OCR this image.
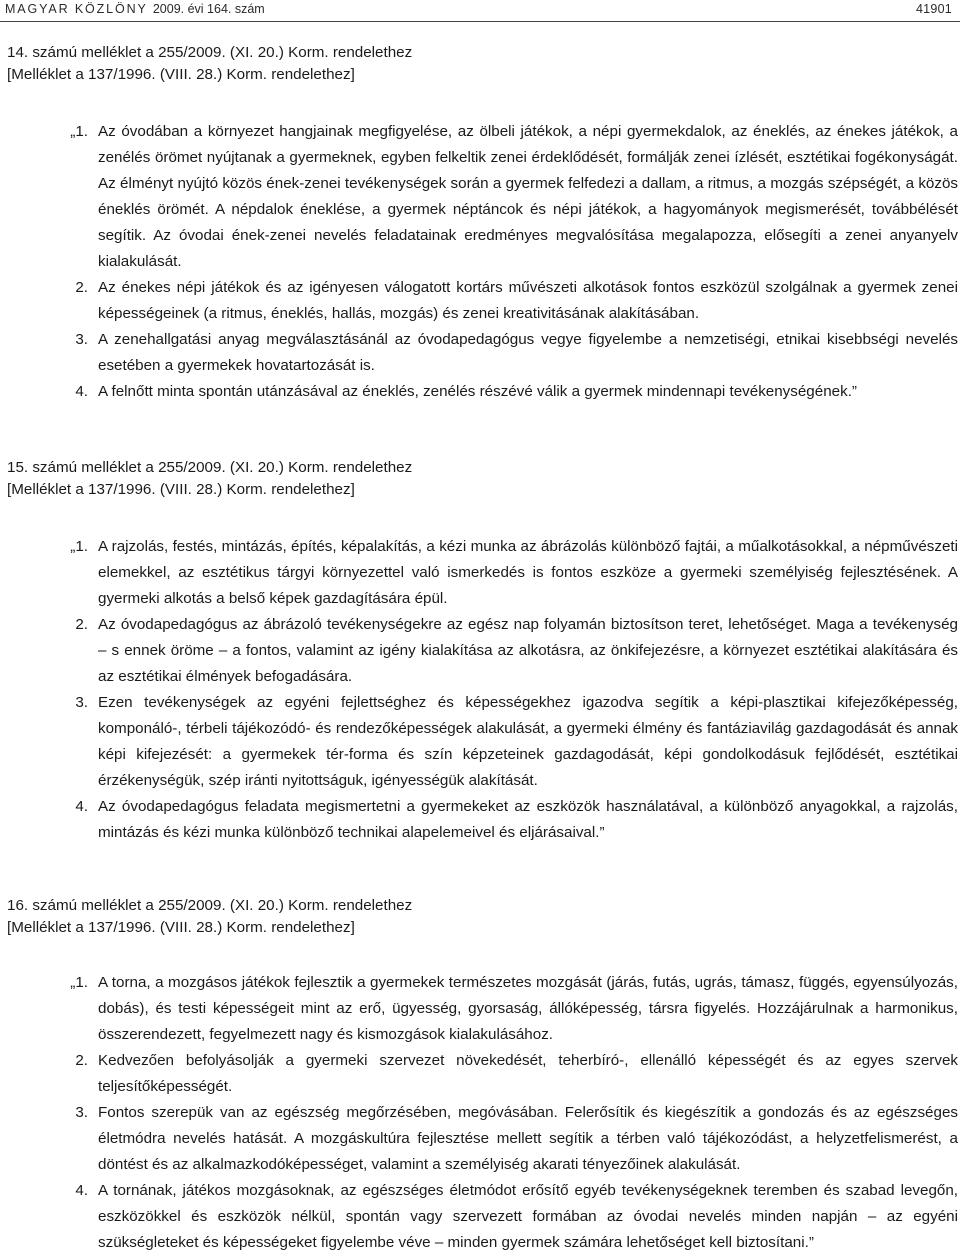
MAGYAR KÖZLÖNY 2009. évi 164. szám	41901
14. számú melléklet a 255/2009. (XI. 20.) Korm. rendelethez
[Melléklet a 137/1996. (VIII. 28.) Korm. rendelethez]
„1. Az óvodában a környezet hangjainak megfigyelése, az ölbeli játékok, a népi gyermekdalok, az éneklés, az énekes játékok, a zenélés örömet nyújtanak a gyermeknek, egyben felkeltik zenei érdeklődését, formálják zenei ízlését, esztétikai fogékonyságát. Az élményt nyújtó közös ének-zenei tevékenységek során a gyermek felfedezi a dallam, a ritmus, a mozgás szépségét, a közös éneklés örömét. A népdalok éneklése, a gyermek néptáncok és népi játékok, a hagyományok megismerését, továbbélését segítik. Az óvodai ének-zenei nevelés feladatainak eredményes megvalósítása megalapozza, elősegíti a zenei anyanyelv kialakulását.
2. Az énekes népi játékok és az igényesen válogatott kortárs művészeti alkotások fontos eszközül szolgálnak a gyermek zenei képességeinek (a ritmus, éneklés, hallás, mozgás) és zenei kreativitásának alakításában.
3. A zenehallgatási anyag megválasztásánál az óvodapedagógus vegye figyelembe a nemzetiségi, etnikai kisebbségi nevelés esetében a gyermekek hovatartozását is.
4. A felnőtt minta spontán utánzásával az éneklés, zenélés részévé válik a gyermek mindennapi tevékenységének.”
15. számú melléklet a 255/2009. (XI. 20.) Korm. rendelethez
[Melléklet a 137/1996. (VIII. 28.) Korm. rendelethez]
„1. A rajzolás, festés, mintázás, építés, képalakítás, a kézi munka az ábrázolás különböző fajtái, a műalkotásokkal, a népművészeti elemekkel, az esztétikus tárgyi környezettel való ismerkedés is fontos eszköze a gyermeki személyiség fejlesztésének. A gyermeki alkotás a belső képek gazdagítására épül.
2. Az óvodapedagógus az ábrázoló tevékenységekre az egész nap folyamán biztosítson teret, lehetőséget. Maga a tevékenység – s ennek öröme – a fontos, valamint az igény kialakítása az alkotásra, az önkifejezésre, a környezet esztétikai alakítására és az esztétikai élmények befogadására.
3. Ezen tevékenységek az egyéni fejlettséghez és képességekhez igazodva segítik a képi-plasztikai kifejezőképesség, komponáló-, térbeli tájékozódó- és rendezőképességek alakulását, a gyermeki élmény és fantáziavilág gazdagodását és annak képi kifejezését: a gyermekek tér-forma és szín képzeteinek gazdagodását, képi gondolkodásuk fejlődését, esztétikai érzékenységük, szép iránti nyitottságuk, igényességük alakítását.
4. Az óvodapedagógus feladata megismertetni a gyermekeket az eszközök használatával, a különböző anyagokkal, a rajzolás, mintázás és kézi munka különböző technikai alapelemeivel és eljárásaival.”
16. számú melléklet a 255/2009. (XI. 20.) Korm. rendelethez
[Melléklet a 137/1996. (VIII. 28.) Korm. rendelethez]
„1. A torna, a mozgásos játékok fejlesztik a gyermekek természetes mozgását (járás, futás, ugrás, támasz, függés, egyensúlyozás, dobás), és testi képességeit mint az erő, ügyesség, gyorsaság, állóképesség, társra figyelés. Hozzájárulnak a harmonikus, összerendezett, fegyelmezett nagy és kismozgások kialakulásához.
2. Kedvezően befolyásolják a gyermeki szervezet növekedését, teherbíró-, ellenálló képességét és az egyes szervek teljesítőképességét.
3. Fontos szerepük van az egészség megőrzésében, megóvásában. Felerősítik és kiegészítik a gondozás és az egészséges életmódra nevelés hatását. A mozgáskultúra fejlesztése mellett segítik a térben való tájékozódást, a helyzetfelismerést, a döntést és az alkalmazkodóképességet, valamint a személyiség akarati tényezőinek alakulását.
4. A tornának, játékos mozgásoknak, az egészséges életmódot erősítő egyéb tevékenységeknek teremben és szabad levegőn, eszközökkel és eszközök nélkül, spontán vagy szervezett formában az óvodai nevelés minden napján – az egyéni szükségleteket és képességeket figyelembe véve – minden gyermek számára lehetőséget kell biztosítani.”
